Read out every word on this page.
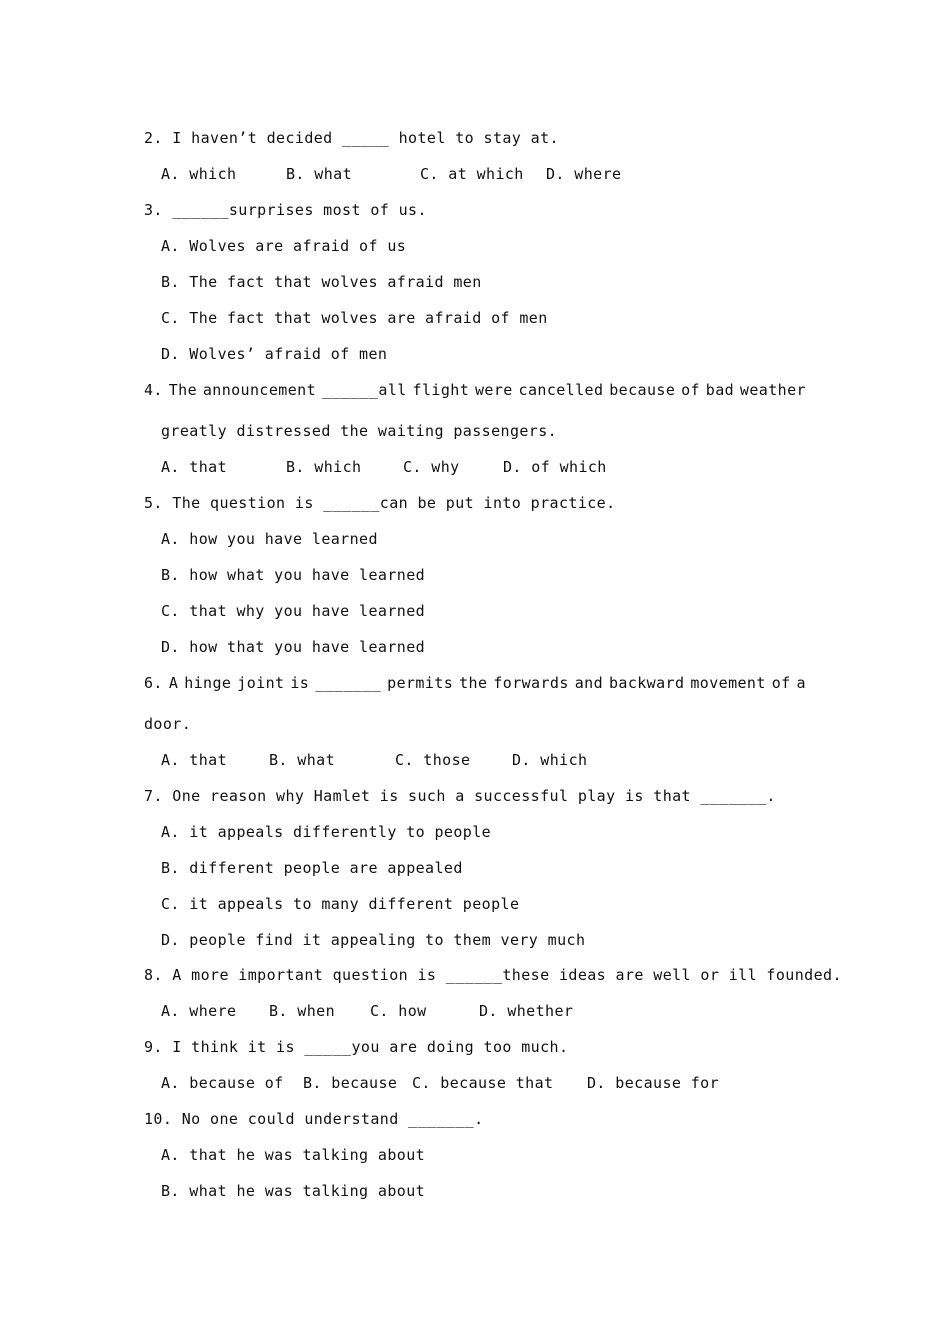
2. I haven’t decided _____ hotel to stay at.
A. which	B. what	C. at which	D. where
3. ______surprises most of us.
A. Wolves are afraid of us
B. The fact that wolves afraid men
C. The fact that wolves are afraid of men
D. Wolves’ afraid of men
4. The announcement ______all flight were cancelled because of bad weather
greatly distressed the waiting passengers.
A. that	B. which	C. why	D. of which
5. The question is ______can be put into practice.
A. how you have learned
B. how what you have learned
C. that why you have learned
D. how that you have learned
6. A hinge joint is _______ permits the forwards and backward movement of a
door.
A. that	B. what	C. those	D. which
7. One reason why Hamlet is such a successful play is that _______.
A. it appeals differently to people
B. different people are appealed
C. it appeals to many different people
D. people find it appealing to them very much
8. A more important question is ______these ideas are well or ill founded.
A. where	B. when	C. how	D. whether
9. I think it is _____you are doing too much.
A. because of	B. because C. because that	D. because for
10. No one could understand _______.
A. that he was talking about
B. what he was talking about
